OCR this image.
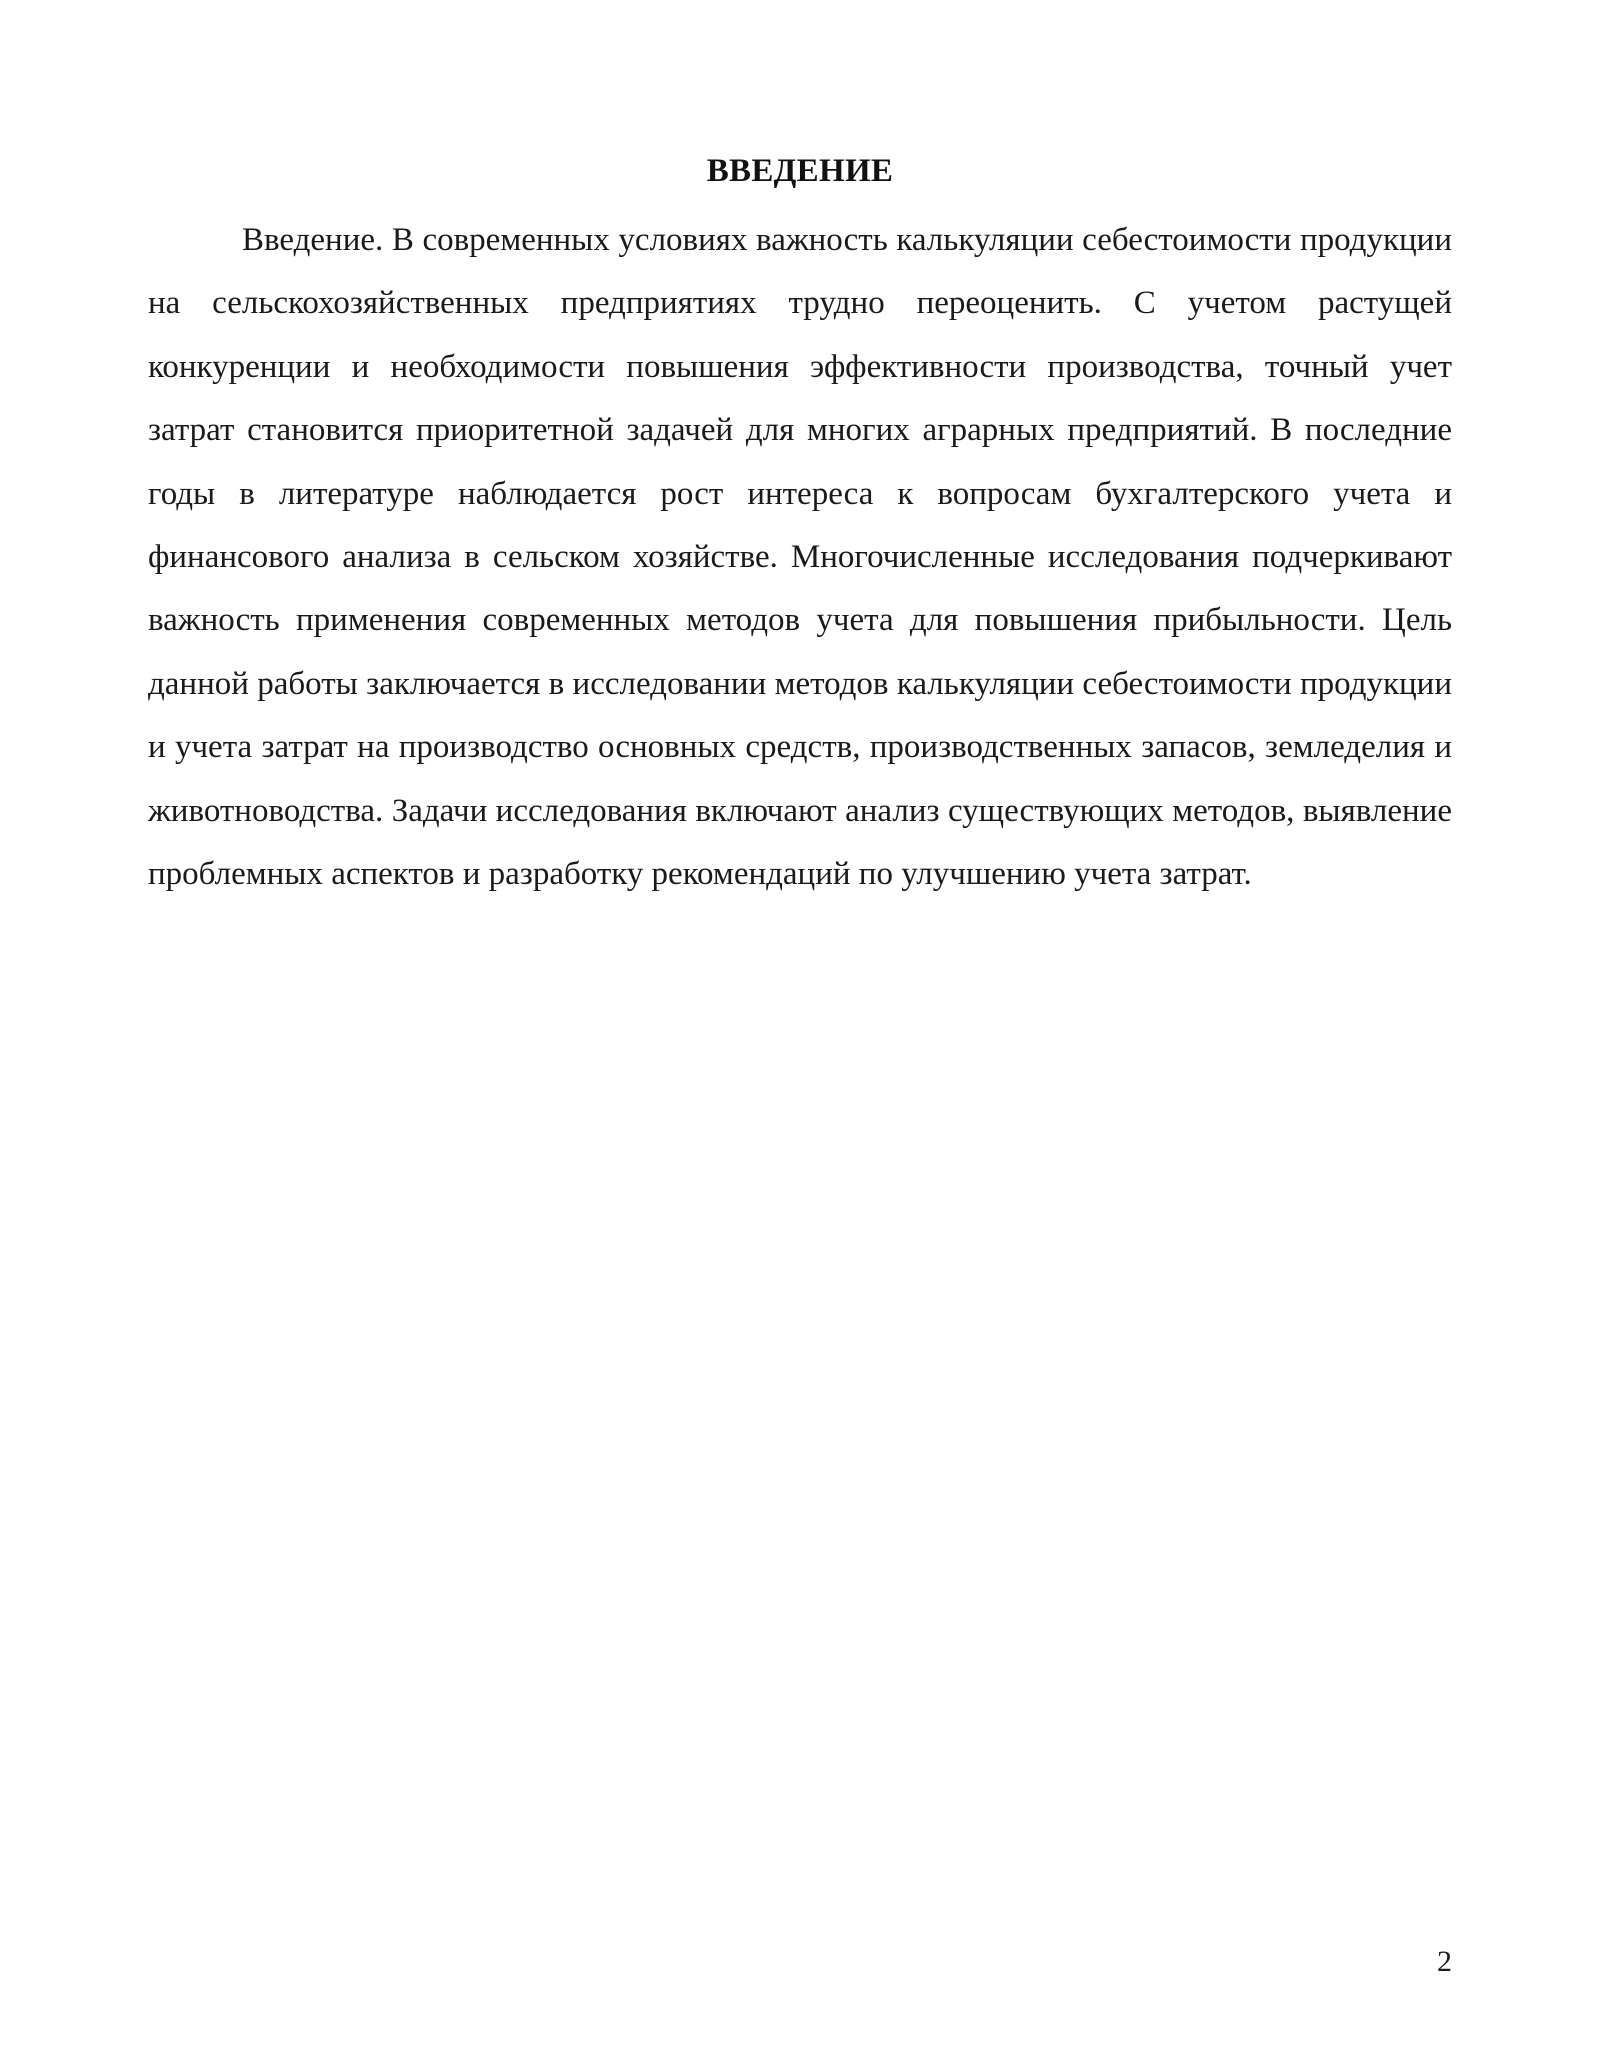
ВВЕДЕНИЕ

Введение. В современных условиях важность калькуляции себестоимости продукции на сельскохозяйственных предприятиях трудно переоценить. С учетом растущей конкуренции и необходимости повышения эффективности производства, точный учет затрат становится приоритетной задачей для многих аграрных предприятий. В последние годы в литературе наблюдается рост интереса к вопросам бухгалтерского учета и финансового анализа в сельском хозяйстве. Многочисленные исследования подчеркивают важность применения современных методов учета для повышения прибыльности. Цель данной работы заключается в исследовании методов калькуляции себестоимости продукции и учета затрат на производство основных средств, производственных запасов, земледелия и животноводства. Задачи исследования включают анализ существующих методов, выявление проблемных аспектов и разработку рекомендаций по улучшению учета затрат.

2
